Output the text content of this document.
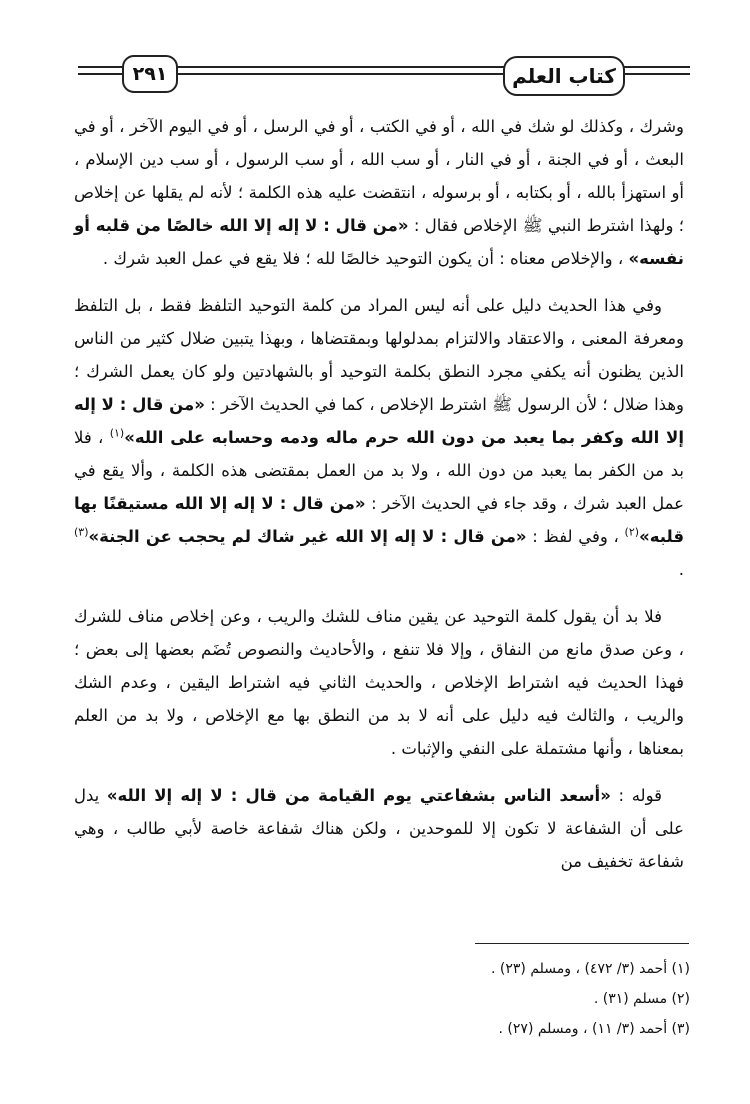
٢٩١	كتاب العلم

وشرك ، وكذلك لو شك في الله ، أو في الكتب ، أو في الرسل ، أو في اليوم الآخر ، أو في البعث ، أو في الجنة ، أو في النار ، أو سب الله ، أو سب الرسول ، أو سب دين الإسلام ، أو استهزأ بالله ، أو بكتابه ، أو برسوله ، انتقضت عليه هذه الكلمة ؛ لأنه لم يقلها عن إخلاص ؛ ولهذا اشترط النبي ﷺ الإخلاص فقال : «من قال : لا إله إلا الله خالصًا من قلبه أو نفسه» ، والإخلاص معناه : أن يكون التوحيد خالصًا لله ؛ فلا يقع في عمل العبد شرك .

وفي هذا الحديث دليل على أنه ليس المراد من كلمة التوحيد التلفظ فقط ، بل التلفظ ومعرفة المعنى ، والاعتقاد والالتزام بمدلولها وبمقتضاها ، وبهذا يتبين ضلال كثير من الناس الذين يظنون أنه يكفي مجرد النطق بكلمة التوحيد أو بالشهادتين ولو كان يعمل الشرك ؛ وهذا ضلال ؛ لأن الرسول ﷺ اشترط الإخلاص ، كما في الحديث الآخر : «من قال : لا إله إلا الله وكفر بما يعبد من دون الله حرم ماله ودمه وحسابه على الله»$^{(١)}$ ، فلا بد من الكفر بما يعبد من دون الله ، ولا بد من العمل بمقتضى هذه الكلمة ، وألا يقع في عمل العبد شرك ، وقد جاء في الحديث الآخر : «من قال : لا إله إلا الله مستيقنًا بها قلبه»$^{(٢)}$ ، وفي لفظ : «من قال : لا إله إلا الله غير شاك لم يحجب عن الجنة»$^{(٣)}$ .

فلا بد أن يقول كلمة التوحيد عن يقين مناف للشك والريب ، وعن إخلاص مناف للشرك ، وعن صدق مانع من النفاق ، وإلا فلا تنفع ، والأحاديث والنصوص تُضَم بعضها إلى بعض ؛ فهذا الحديث فيه اشتراط الإخلاص ، والحديث الثاني فيه اشتراط اليقين ، وعدم الشك والريب ، والثالث فيه دليل على أنه لا بد من النطق بها مع الإخلاص ، ولا بد من العلم بمعناها ، وأنها مشتملة على النفي والإثبات .

قوله : «أسعد الناس بشفاعتي يوم القيامة من قال : لا إله إلا الله» يدل على أن الشفاعة لا تكون إلا للموحدين ، ولكن هناك شفاعة خاصة لأبي طالب ، وهي شفاعة تخفيف من

(١) أحمد (٣/ ٤٧٢) ، ومسلم (٢٣) .
(٢) مسلم (٣١) .
(٣) أحمد (٣/ ١١) ، ومسلم (٢٧) .
